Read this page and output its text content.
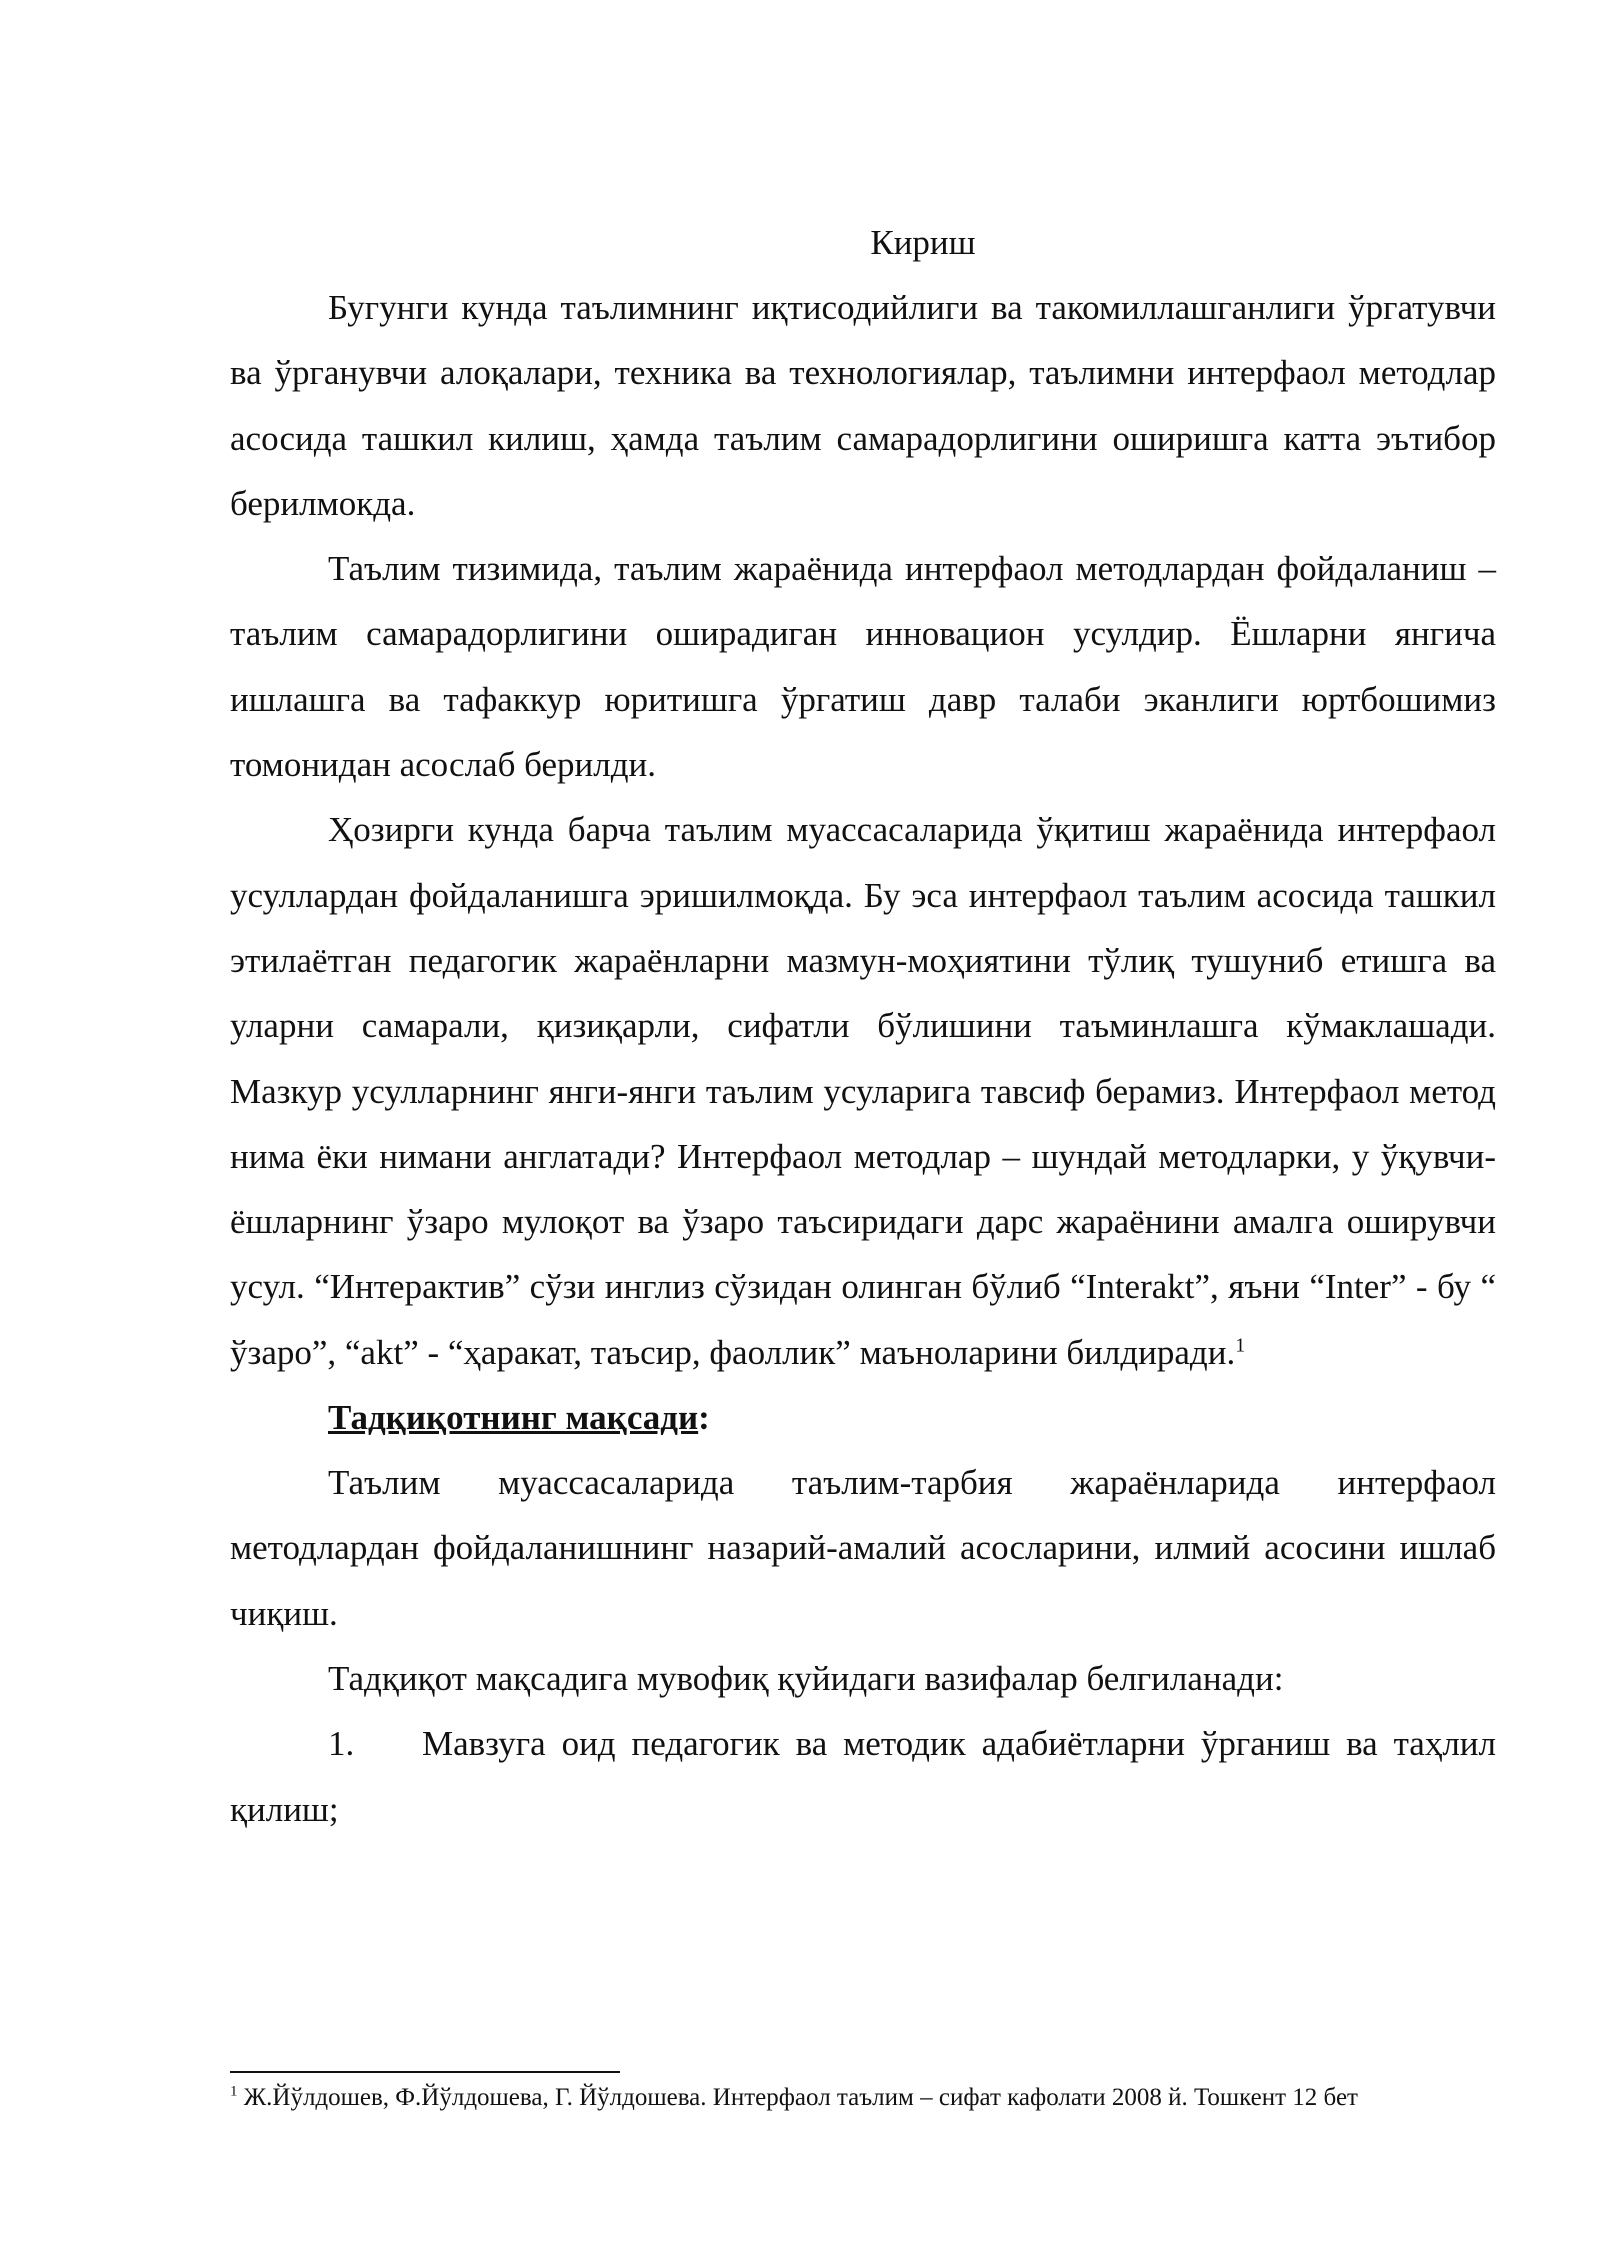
Кириш

Бугунги кунда таълимнинг иқтисодийлиги ва такомиллашганлиги ўргатувчи ва ўрганувчи алоқалари, техника ва технологиялар, таълимни интерфаол методлар асосида ташкил килиш, ҳамда таълим самарадорлигини оширишга катта эътибор берилмокда.

Таълим тизимида, таълим жараёнида интерфаол методлардан фойдаланиш – таълим самарадорлигини оширадиган инновацион усулдир. Ёшларни янгича ишлашга ва тафаккур юритишга ўргатиш давр талаби эканлиги юртбошимиз томонидан асослаб берилди.

Ҳозирги кунда барча таълим муассасаларида ўқитиш жараёнида интерфаол усуллардан фойдаланишга эришилмоқда. Бу эса интерфаол таълим асосида ташкил этилаётган педагогик жараёнларни мазмун-моҳиятини тўлиқ тушуниб етишга ва уларни самарали, қизиқарли, сифатли бўлишини таъминлашга кўмаклашади. Мазкур усулларнинг янги-янги таълим усуларига тавсиф берамиз. Интерфаол метод нима ёки нимани англатади? Интерфаол методлар – шундай методларки, у ўқувчи-ёшларнинг ўзаро мулоқот ва ўзаро таъсиридаги дарс жараёнини амалга оширувчи усул. “Интерактив” сўзи инглиз сўзидан олинган бўлиб “Interakt”, яъни “Inter” - бу “ ўзаро”, “akt” - “ҳаракат, таъсир, фаоллик” маъноларини билдиради.$^1$

Тадқиқотнинг мақсади:

Таълим муассасаларида таълим-тарбия жараёнларида интерфаол методлардан фойдаланишнинг назарий-амалий асосларини, илмий асосини ишлаб чиқиш.

Тадқиқот мақсадига мувофиқ қуйидаги вазифалар белгиланади:

1. Мавзуга оид педагогик ва методик адабиётларни ўрганиш ва таҳлил қилиш;

$^1$ Ж.Йўлдошев, Ф.Йўлдошева, Г. Йўлдошева. Интерфаол таълим – сифат кафолати 2008 й. Тошкент 12 бет
